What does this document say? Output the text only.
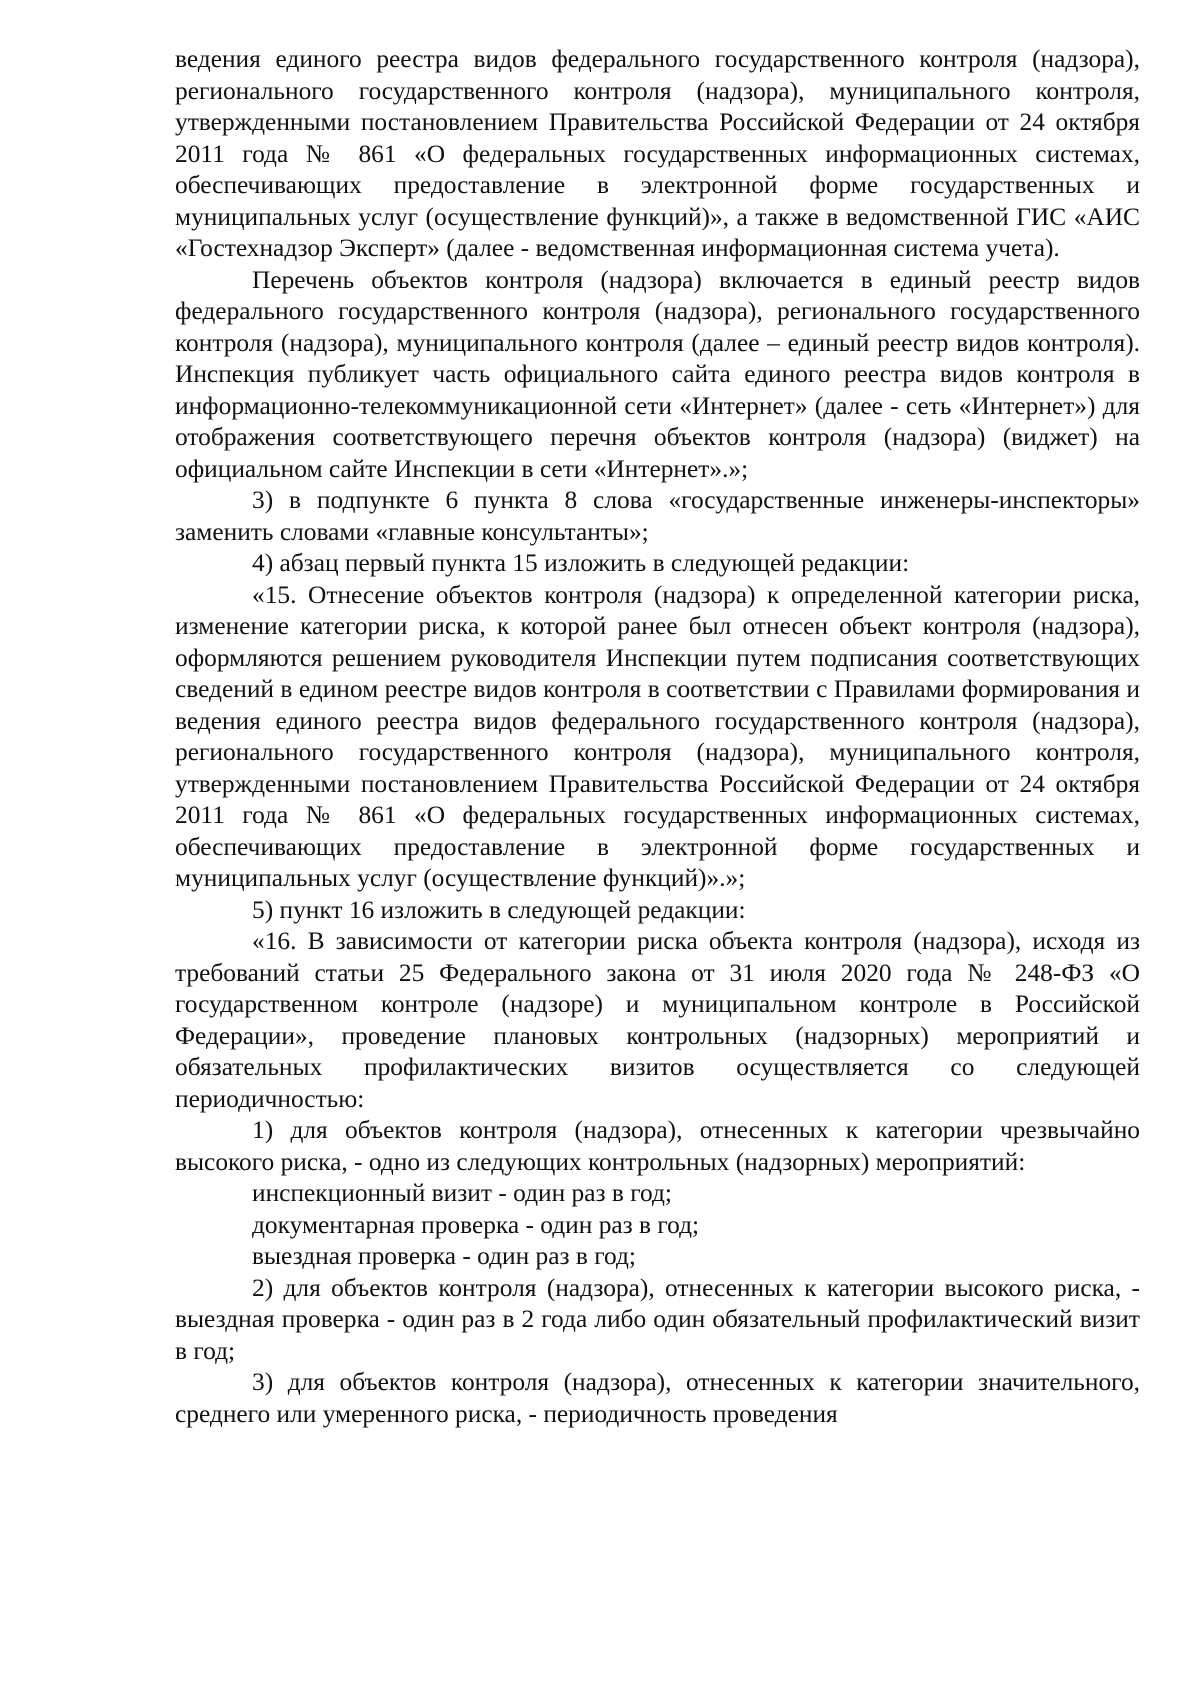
ведения единого реестра видов федерального государственного контроля (надзора), регионального государственного контроля (надзора), муниципального контроля, утвержденными постановлением Правительства Российской Федерации от 24 октября 2011 года № 861 «О федеральных государственных информационных системах, обеспечивающих предоставление в электронной форме государственных и муниципальных услуг (осуществление функций)», а также в ведомственной ГИС «АИС «Гостехнадзор Эксперт» (далее - ведомственная информационная система учета).

Перечень объектов контроля (надзора) включается в единый реестр видов федерального государственного контроля (надзора), регионального государственного контроля (надзора), муниципального контроля (далее – единый реестр видов контроля). Инспекция публикует часть официального сайта единого реестра видов контроля в информационно-телекоммуникационной сети «Интернет» (далее - сеть «Интернет») для отображения соответствующего перечня объектов контроля (надзора) (виджет) на официальном сайте Инспекции в сети «Интернет».»;

3) в подпункте 6 пункта 8 слова «государственные инженеры-инспекторы» заменить словами «главные консультанты»;

4) абзац первый пункта 15 изложить в следующей редакции:

«15. Отнесение объектов контроля (надзора) к определенной категории риска, изменение категории риска, к которой ранее был отнесен объект контроля (надзора), оформляются решением руководителя Инспекции путем подписания соответствующих сведений в едином реестре видов контроля в соответствии с Правилами формирования и ведения единого реестра видов федерального государственного контроля (надзора), регионального государственного контроля (надзора), муниципального контроля, утвержденными постановлением Правительства Российской Федерации от 24 октября 2011 года № 861 «О федеральных государственных информационных системах, обеспечивающих предоставление в электронной форме государственных и муниципальных услуг (осуществление функций)».»;

5) пункт 16 изложить в следующей редакции:

«16. В зависимости от категории риска объекта контроля (надзора), исходя из требований статьи 25 Федерального закона от 31 июля 2020 года № 248-ФЗ «О государственном контроле (надзоре) и муниципальном контроле в Российской Федерации», проведение плановых контрольных (надзорных) мероприятий и обязательных профилактических визитов осуществляется со следующей периодичностью:

1) для объектов контроля (надзора), отнесенных к категории чрезвычайно высокого риска, - одно из следующих контрольных (надзорных) мероприятий:

инспекционный визит - один раз в год;

документарная проверка - один раз в год;

выездная проверка - один раз в год;

2) для объектов контроля (надзора), отнесенных к категории высокого риска, - выездная проверка - один раз в 2 года либо один обязательный профилактический визит в год;

3) для объектов контроля (надзора), отнесенных к категории значительного, среднего или умеренного риска, - периодичность проведения
